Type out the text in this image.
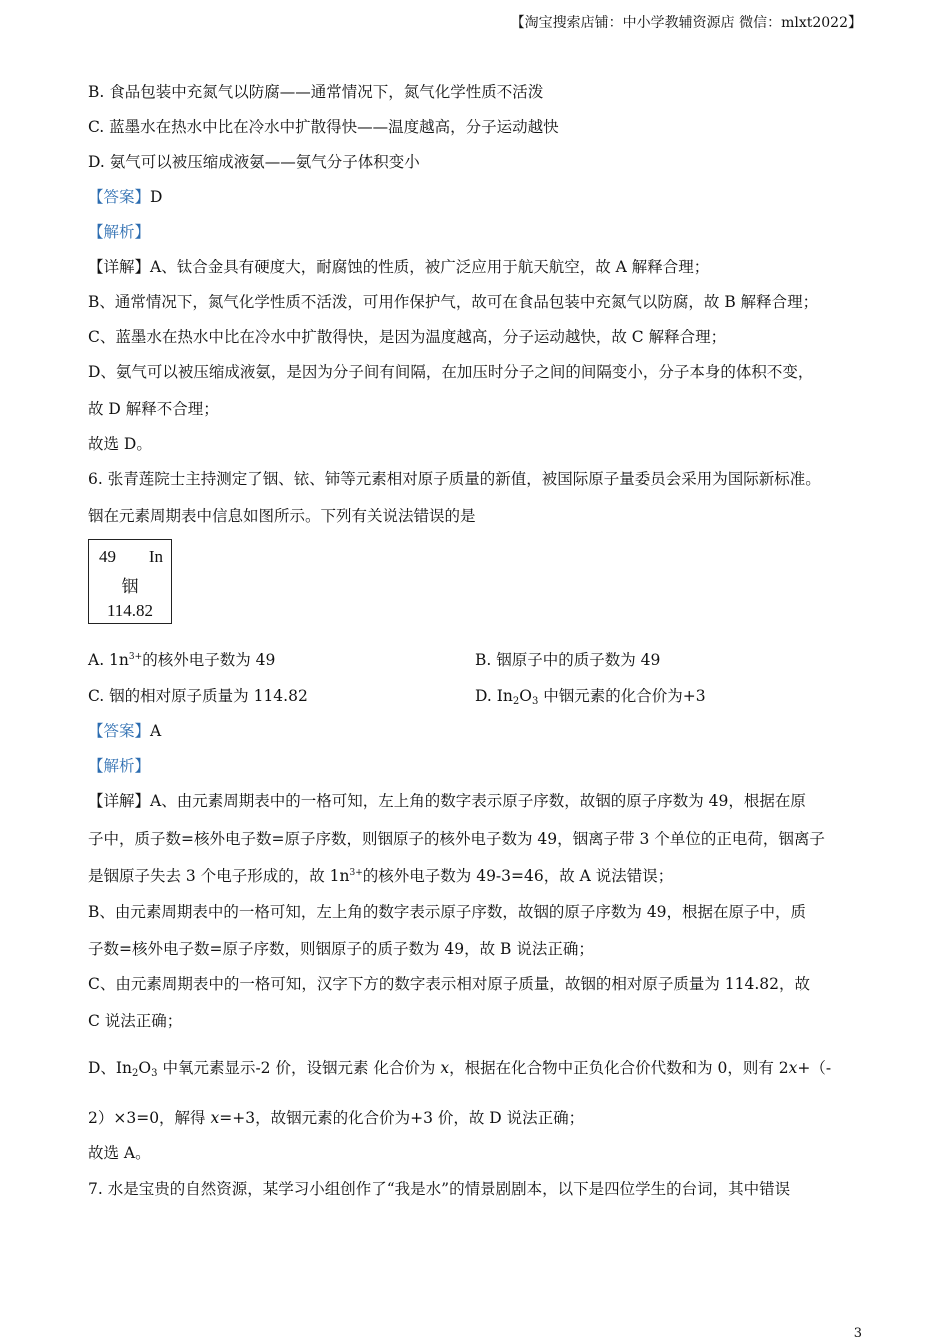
【淘宝搜索店铺：中小学教辅资源店 微信：mlxt2022】
B. 食品包装中充氮气以防腐——通常情况下，氮气化学性质不活泼
C. 蓝墨水在热水中比在冷水中扩散得快——温度越高，分子运动越快
D. 氨气可以被压缩成液氨——氨气分子体积变小
【答案】D
【解析】
【详解】A、钛合金具有硬度大，耐腐蚀的性质，被广泛应用于航天航空，故 A 解释合理；
B、通常情况下，氮气化学性质不活泼，可用作保护气，故可在食品包装中充氮气以防腐，故 B 解释合理；
C、蓝墨水在热水中比在冷水中扩散得快，是因为温度越高，分子运动越快，故 C 解释合理；
D、氨气可以被压缩成液氨，是因为分子间有间隔，在加压时分子之间的间隔变小，分子本身的体积不变，
故 D 解释不合理；
故选 D。
6. 张青莲院士主持测定了铟、铱、铈等元素相对原子质量的新值，被国际原子量委员会采用为国际新标准。
铟在元素周期表中信息如图所示。下列有关说法错误的是
49 In
铟
114.82
A. $1n^{3+}$的核外电子数为 49	B. 铟原子中的质子数为 49
C. 铟的相对原子质量为 114.82	D. $In_2O_3$ 中铟元素的化合价为+3
【答案】A
【解析】
【详解】A、由元素周期表中的一格可知，左上角的数字表示原子序数，故铟的原子序数为 49，根据在原
子中，质子数=核外电子数=原子序数，则铟原子的核外电子数为 49，铟离子带 3 个单位的正电荷，铟离子
是铟原子失去 3 个电子形成的，故 $1n^{3+}$的核外电子数为 49-3=46，故 A 说法错误；
B、由元素周期表中的一格可知，左上角的数字表示原子序数，故铟的原子序数为 49，根据在原子中，质
子数=核外电子数=原子序数，则铟原子的质子数为 49，故 B 说法正确；
C、由元素周期表中的一格可知，汉字下方的数字表示相对原子质量，故铟的相对原子质量为 114.82，故
C 说法正确；
D、$In_2O_3$ 中氧元素显示-2 价，设铟元素 化合价为 x，根据在化合物中正负化合价代数和为 0，则有 2x+（-
2）×3=0，解得 x=+3，故铟元素的化合价为+3 价，故 D 说法正确；
故选 A。
7. 水是宝贵的自然资源，某学习小组创作了“我是水”的情景剧剧本，以下是四位学生的台词，其中错误
3
